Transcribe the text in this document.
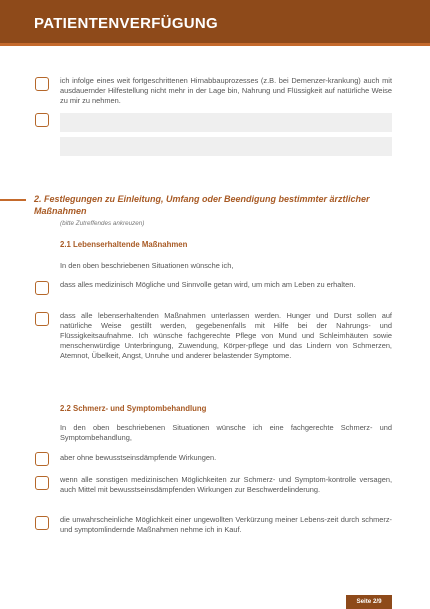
PATIENTENVERFÜGUNG
ich infolge eines weit fortgeschrittenen Hirnabbauprozesses (z.B. bei Demenzer-krankung) auch mit ausdauernder Hilfestellung nicht mehr in der Lage bin, Nahrung und Flüssigkeit auf natürliche Weise zu mir zu nehmen.
2. Festlegungen zu Einleitung, Umfang oder Beendigung bestimmter ärztlicher Maßnahmen
(bitte Zutreffendes ankreuzen)
2.1 Lebenserhaltende Maßnahmen
In den oben beschriebenen Situationen wünsche ich,
dass alles medizinisch Mögliche und Sinnvolle getan wird, um mich am Leben zu erhalten.
dass alle lebenserhaltenden Maßnahmen unterlassen werden. Hunger und Durst sollen auf natürliche Weise gestillt werden, gegebenenfalls mit Hilfe bei der Nahrungs- und Flüssigkeitsaufnahme. Ich wünsche fachgerechte Pflege von Mund und Schleimhäuten sowie menschenwürdige Unterbringung, Zuwendung, Körper-pflege und das Lindern von Schmerzen, Atemnot, Übelkeit, Angst, Unruhe und anderer belastender Symptome.
2.2 Schmerz- und Symptombehandlung
In den oben beschriebenen Situationen wünsche ich eine fachgerechte Schmerz- und Symptombehandlung,
aber ohne bewusstseinsdämpfende Wirkungen.
wenn alle sonstigen medizinischen Möglichkeiten zur Schmerz- und Symptom-kontrolle versagen, auch Mittel mit bewusstseinsdämpfenden Wirkungen zur Beschwerdelinderung.
die unwahrscheinliche Möglichkeit einer ungewollten Verkürzung meiner Lebens-zeit durch schmerz- und symptomlindernde Maßnahmen nehme ich in Kauf.
Seite 2/9
